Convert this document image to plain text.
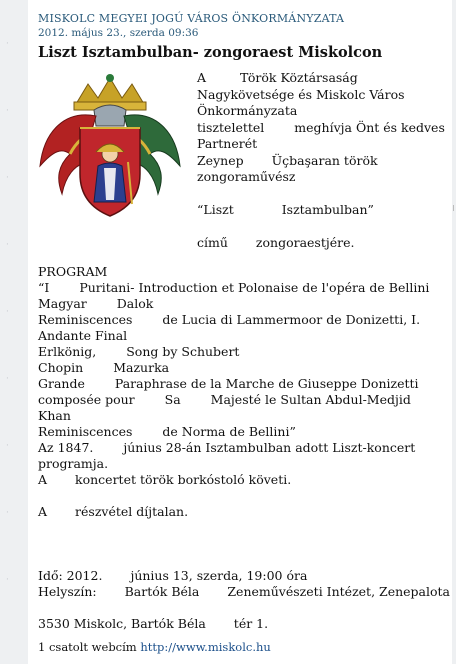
·
·
·
·
·
·
·
·
·
MISKOLC MEGYEI JOGÚ VÁROS ÖNKORMÁNYZATA
2012. május 23., szerda 09:36
Liszt Isztambulban- zongoraest Miskolcon
A	Török Köztársaság
Nagykövetsége és Miskolc Város
Önkormányzata
tisztelettel meghívja Önt és kedves
Partnerét
Zeynep Üçbaşaran török
zongoraművész

“Liszt	Isztambulban”

című zongoraestjére.
PROGRAM
“I Puritani- Introduction et Polonaise de l'opéra de Bellini
Magyar Dalok
Reminiscences de Lucia di Lammermoor de Donizetti, I.
Andante Final
Erlkönig, Song by Schubert
Chopin Mazurka
Grande Paraphrase de la Marche de Giuseppe Donizetti
composée pour Sa Majesté le Sultan Abdul-Medjid
Khan
Reminiscences de Norma de Bellini”
Az 1847. június 28-án Isztambulban adott Liszt-koncert
programja.
A koncertet török borkóstoló követi.

A részvétel díjtalan.

Idő: 2012. június 13, szerda, 19:00 óra
Helyszín: Bartók Béla Zeneművészeti Intézet, Zenepalota

3530 Miskolc, Bartók Béla tér 1.
1 csatolt webcím http://www.miskolc.hu
